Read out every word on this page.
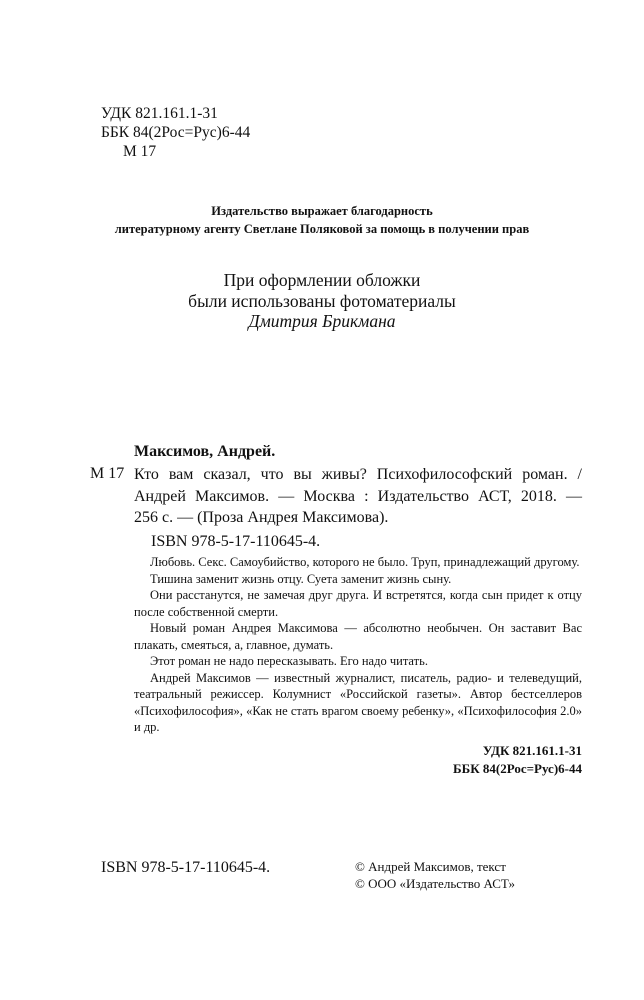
УДК 821.161.1-31
ББК 84(2Рос=Рус)6-44
М 17
Издательство выражает благодарность
литературному агенту Светлане Поляковой за помощь в получении прав
При оформлении обложки
были использованы фотоматериалы
Дмитрия Брикмана
Максимов, Андрей.
М 17 Кто вам сказал, что вы живы? Психофилософский роман. /
Андрей Максимов. — Москва : Издательство АСТ, 2018. —
256 с. — (Проза Андрея Максимова).
ISBN 978-5-17-110645-4.

Любовь. Секс. Самоубийство, которого не было. Труп, принадлежащий другому.

Тишина заменит жизнь отцу. Суета заменит жизнь сыну.

Они расстанутся, не замечая друг друга. И встретятся, когда сын придет к отцу после собственной смерти.

Новый роман Андрея Максимова — абсолютно необычен. Он заставит Вас плакать, смеяться, а, главное, думать.

Этот роман не надо пересказывать. Его надо читать.

Андрей Максимов — известный журналист, писатель, радио- и телеведущий, театральный режиссер. Колумнист «Российской газеты». Автор бестселлеров «Психофилософия», «Как не стать врагом своему ребенку», «Психофилософия 2.0» и др.

УДК 821.161.1-31
ББК 84(2Рос=Рус)6-44
ISBN 978-5-17-110645-4.	© Андрей Максимов, текст
© ООО «Издательство АСТ»
